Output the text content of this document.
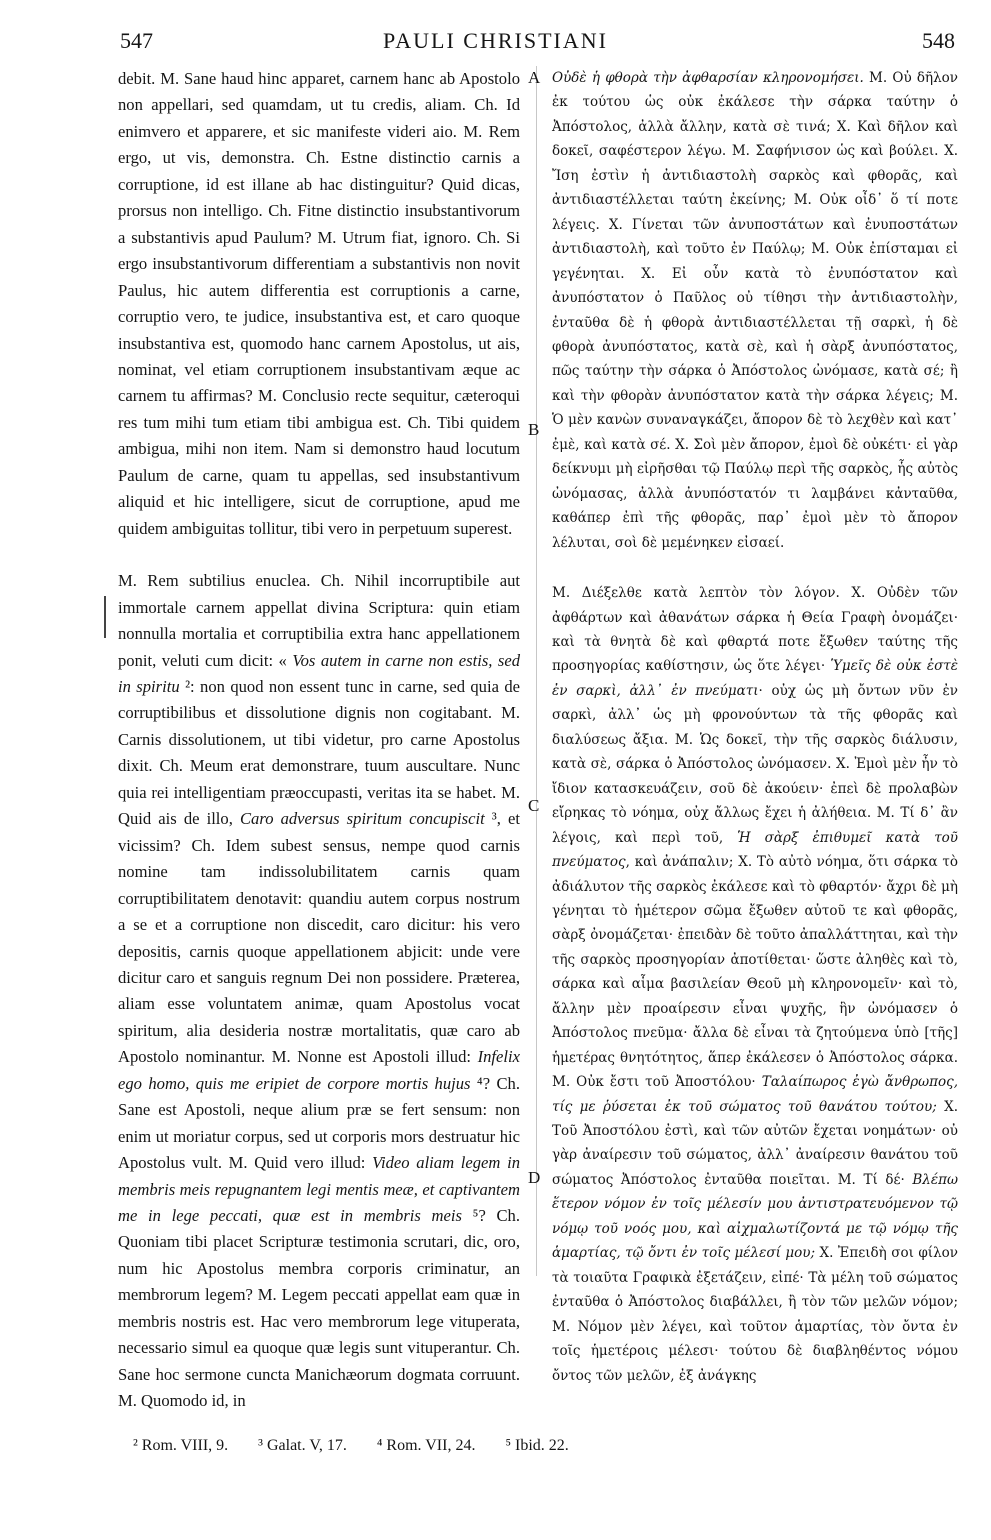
PAULI CHRISTIANI
547	548
A
B
C
D

debit. M. Sane haud hinc apparet, carnem hanc ab Apostolo non appellari, sed quamdam, ut tu credis, aliam. Ch. Id enimvero et apparere, et sic manifeste videri aio. M. Rem ergo, ut vis, demonstra. Ch. Estne distinctio carnis a corruptione, id est illane ab hac distinguitur? Quid dicas, prorsus non intelligo. Ch. Fitne distinctio insubstantivorum a substantivis apud Paulum? M. Utrum fiat, ignoro. Ch. Si ergo insubstantivorum differentiam a substantivis non novit Paulus, hic autem differentia est corruptionis a carne, corruptio vero, te judice, insubstantiva est, et caro quoque insubstantiva est, quomodo hanc carnem Apostolus, ut ais, nominat, vel etiam corruptionem insubstantivam æque ac carnem tu affirmas? M. Conclusio recte sequitur, cæteroqui res tum mihi tum etiam tibi ambigua est. Ch. Tibi quidem ambigua, mihi non item. Nam si demonstro haud locutum Paulum de carne, quam tu appellas, sed insubstantivum aliquid et hic intelligere, sicut de corruptione, apud me quidem ambiguitas tollitur, tibi vero in perpetuum superest.

M. Rem subtilius enuclea. Ch. Nihil incorruptibile aut immortale carnem appellat divina Scriptura: quin etiam nonnulla mortalia et corruptibilia extra hanc appellationem ponit, veluti cum dicit: « Vos autem in carne non estis, sed in spiritu ²: non quod non essent tunc in carne, sed quia de corruptibilibus et dissolutione dignis non cogitabant. M. Carnis dissolutionem, ut tibi videtur, pro carne Apostolus dixit. Ch. Meum erat demonstrare, tuum auscultare. Nunc quia rei intelligentiam præoccupasti, veritas ita se habet. M. Quid ais de illo, Caro adversus spiritum concupiscit ³, et vicissim? Ch. Idem subest sensus, nempe quod carnis nomine tam indissolubilitatem carnis quam corruptibilitatem denotavit: quandiu autem corpus nostrum a se et a corruptione non discedit, caro dicitur: his vero depositis, carnis quoque appellationem abjicit: unde vere dicitur caro et sanguis regnum Dei non possidere. Præterea, aliam esse voluntatem animæ, quam Apostolus vocat spiritum, alia desideria nostræ mortalitatis, quæ caro ab Apostolo nominantur. M. Nonne est Apostoli illud: Infelix ego homo, quis me eripiet de corpore mortis hujus ⁴? Ch. Sane est Apostoli, neque alium præ se fert sensum: non enim ut moriatur corpus, sed ut corporis mors destruatur hic Apostolus vult. M. Quid vero illud: Video aliam legem in membris meis repugnantem legi mentis meæ, et captivantem me in lege peccati, quæ est in membris meis ⁵? Ch. Quoniam tibi placet Scripturæ testimonia scrutari, dic, oro, num hic Apostolus membra corporis criminatur, an membrorum legem? M. Legem peccati appellat eam quæ in membris nostris est. Hac vero membrorum lege vituperata, necessario simul ea quoque quæ legis sunt vituperantur. Ch. Sane hoc sermone cuncta Manichæorum dogmata corruunt. M. Quomodo id, in

Οὐδὲ ἡ φθορὰ τὴν ἀφθαρσίαν κληρονομήσει. Μ. Οὐ δῆλον ἐκ τούτου ὡς οὐκ ἐκάλεσε τὴν σάρκα ταύτην ὁ Ἀπόστολος, ἀλλὰ ἄλλην, κατὰ σὲ τινά; Χ. Καὶ δῆλον καὶ δοκεῖ, σαφέστερον λέγω. Μ. Σαφήνισον ὡς καὶ βούλει. Χ. Ἴση ἐστὶν ἡ ἀντιδιαστολὴ σαρκὸς καὶ φθορᾶς, καὶ ἀντιδιαστέλλεται ταύτη ἐκείνης; Μ. Οὐκ οἶδ᾽ ὅ τί ποτε λέγεις. Χ. Γίνεται τῶν ἀνυποστάτων καὶ ἐνυποστάτων ἀντιδιαστολὴ, καὶ τοῦτο ἐν Παύλῳ; Μ. Οὐκ ἐπίσταμαι εἰ γεγένηται. Χ. Εἰ οὖν κατὰ τὸ ἐνυπόστατον καὶ ἀνυπόστατον ὁ Παῦλος οὐ τίθησι τὴν ἀντιδιαστολὴν, ἐνταῦθα δὲ ἡ φθορὰ ἀντιδιαστέλλεται τῇ σαρκὶ, ἡ δὲ φθορὰ ἀνυπόστατος, κατὰ σὲ, καὶ ἡ σὰρξ ἀνυπόστατος, πῶς ταύτην τὴν σάρκα ὁ Ἀπόστολος ὠνόμασε, κατὰ σέ; ἢ καὶ τὴν φθορὰν ἀνυπόστατον κατὰ τὴν σάρκα λέγεις; Μ. Ὁ μὲν κανὼν συναναγκάζει, ἄπορον δὲ τὸ λεχθὲν καὶ κατ᾽ ἐμὲ, καὶ κατὰ σέ. Χ. Σοὶ μὲν ἄπορον, ἐμοὶ δὲ οὐκέτι· εἰ γὰρ δείκνυμι μὴ εἰρῆσθαι τῷ Παύλῳ περὶ τῆς σαρκὸς, ἧς αὐτὸς ὠνόμασας, ἀλλὰ ἀνυπόστατόν τι λαμβάνει κἀνταῦθα, καθάπερ ἐπὶ τῆς φθορᾶς, παρ᾽ ἐμοὶ μὲν τὸ ἄπορον λέλυται, σοὶ δὲ μεμένηκεν εἰσαεί.

Μ. Διέξελθε κατὰ λεπτὸν τὸν λόγον. Χ. Οὐδὲν τῶν ἀφθάρτων καὶ ἀθανάτων σάρκα ἡ Θεία Γραφὴ ὀνομάζει· καὶ τὰ θνητὰ δὲ καὶ φθαρτά ποτε ἔξωθεν ταύτης τῆς προσηγορίας καθίστησιν, ὡς ὅτε λέγει· Ὑμεῖς δὲ οὐκ ἐστὲ ἐν σαρκὶ, ἀλλ᾽ ἐν πνεύματι· οὐχ ὡς μὴ ὄντων νῦν ἐν σαρκὶ, ἀλλ᾽ ὡς μὴ φρονούντων τὰ τῆς φθορᾶς καὶ διαλύσεως ἄξια. Μ. Ὡς δοκεῖ, τὴν τῆς σαρκὸς διάλυσιν, κατὰ σὲ, σάρκα ὁ Ἀπόστολος ὠνόμασεν. Χ. Ἐμοὶ μὲν ἦν τὸ ἴδιον κατασκευάζειν, σοῦ δὲ ἀκούειν· ἐπεὶ δὲ προλαβὼν εἴρηκας τὸ νόημα, οὐχ ἄλλως ἔχει ἡ ἀλήθεια. Μ. Τί δ᾽ ἂν λέγοις, καὶ περὶ τοῦ, Ἡ σὰρξ ἐπιθυμεῖ κατὰ τοῦ πνεύματος, καὶ ἀνάπαλιν; Χ. Τὸ αὐτὸ νόημα, ὅτι σάρκα τὸ ἀδιάλυτον τῆς σαρκὸς ἐκάλεσε καὶ τὸ φθαρτόν· ἄχρι δὲ μὴ γένηται τὸ ἡμέτερον σῶμα ἔξωθεν αὐτοῦ τε καὶ φθορᾶς, σὰρξ ὀνομάζεται· ἐπειδὰν δὲ τοῦτο ἀπαλλάττηται, καὶ τὴν τῆς σαρκὸς προσηγορίαν ἀποτίθεται· ὥστε ἀληθὲς καὶ τὸ, σάρκα καὶ αἷμα βασιλείαν Θεοῦ μὴ κληρονομεῖν· καὶ τὸ, ἄλλην μὲν προαίρεσιν εἶναι ψυχῆς, ἣν ὠνόμασεν ὁ Ἀπόστολος πνεῦμα· ἄλλα δὲ εἶναι τὰ ζητούμενα ὑπὸ [τῆς] ἡμετέρας θνητότητος, ἅπερ ἐκάλεσεν ὁ Ἀπόστολος σάρκα. Μ. Οὐκ ἔστι τοῦ Ἀποστόλου· Ταλαίπωρος ἐγὼ ἄνθρωπος, τίς με ῥύσεται ἐκ τοῦ σώματος τοῦ θανάτου τούτου; Χ. Τοῦ Ἀποστόλου ἐστὶ, καὶ τῶν αὐτῶν ἔχεται νοημάτων· οὐ γὰρ ἀναίρεσιν τοῦ σώματος, ἀλλ᾽ ἀναίρεσιν θανάτου τοῦ σώματος Ἀπόστολος ἐνταῦθα ποιεῖται. Μ. Τί δέ· Βλέπω ἕτερον νόμον ἐν τοῖς μέλεσίν μου ἀντιστρατευόμενον τῷ νόμῳ τοῦ νοός μου, καὶ αἰχμαλωτίζοντά με τῷ νόμῳ τῆς ἁμαρτίας, τῷ ὄντι ἐν τοῖς μέλεσί μου; Χ. Ἐπειδὴ σοι φίλον τὰ τοιαῦτα Γραφικὰ ἐξετάζειν, εἰπέ· Τὰ μέλη τοῦ σώματος ἐνταῦθα ὁ Ἀπόστολος διαβάλλει, ἢ τὸν τῶν μελῶν νόμον; Μ. Νόμον μὲν λέγει, καὶ τοῦτον ἁμαρτίας, τὸν ὄντα ἐν τοῖς ἡμετέροις μέλεσι· τούτου δὲ διαβληθέντος νόμου ὄντος τῶν μελῶν, ἐξ ἀνάγκης

² Rom. VIII, 9. ³ Galat. V, 17. ⁴ Rom. VII, 24. ⁵ Ibid. 22.
